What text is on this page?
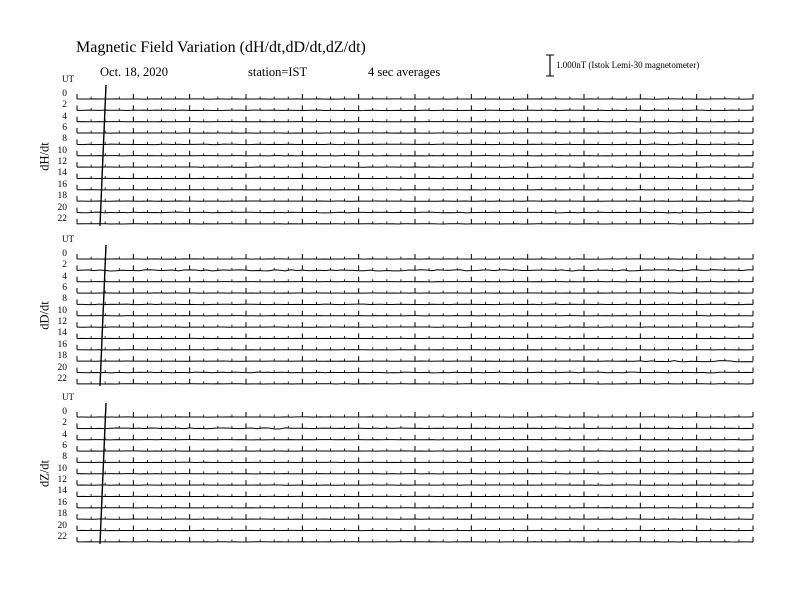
Magnetic Field Variation (dH/dt,dD/dt,dZ/dt)
Oct. 18, 2020	station=IST	4 sec averages	1.000nT (Istok Lemi-30 magnetometer)
UT
dH/dt
0
2
4
6
8
10
12
14
16
18
20
22
UT
dD/dt
0
2
4
6
8
10
12
14
16
18
20
22
UT
dZ/dt
0
2
4
6
8
10
12
14
16
18
20
22
